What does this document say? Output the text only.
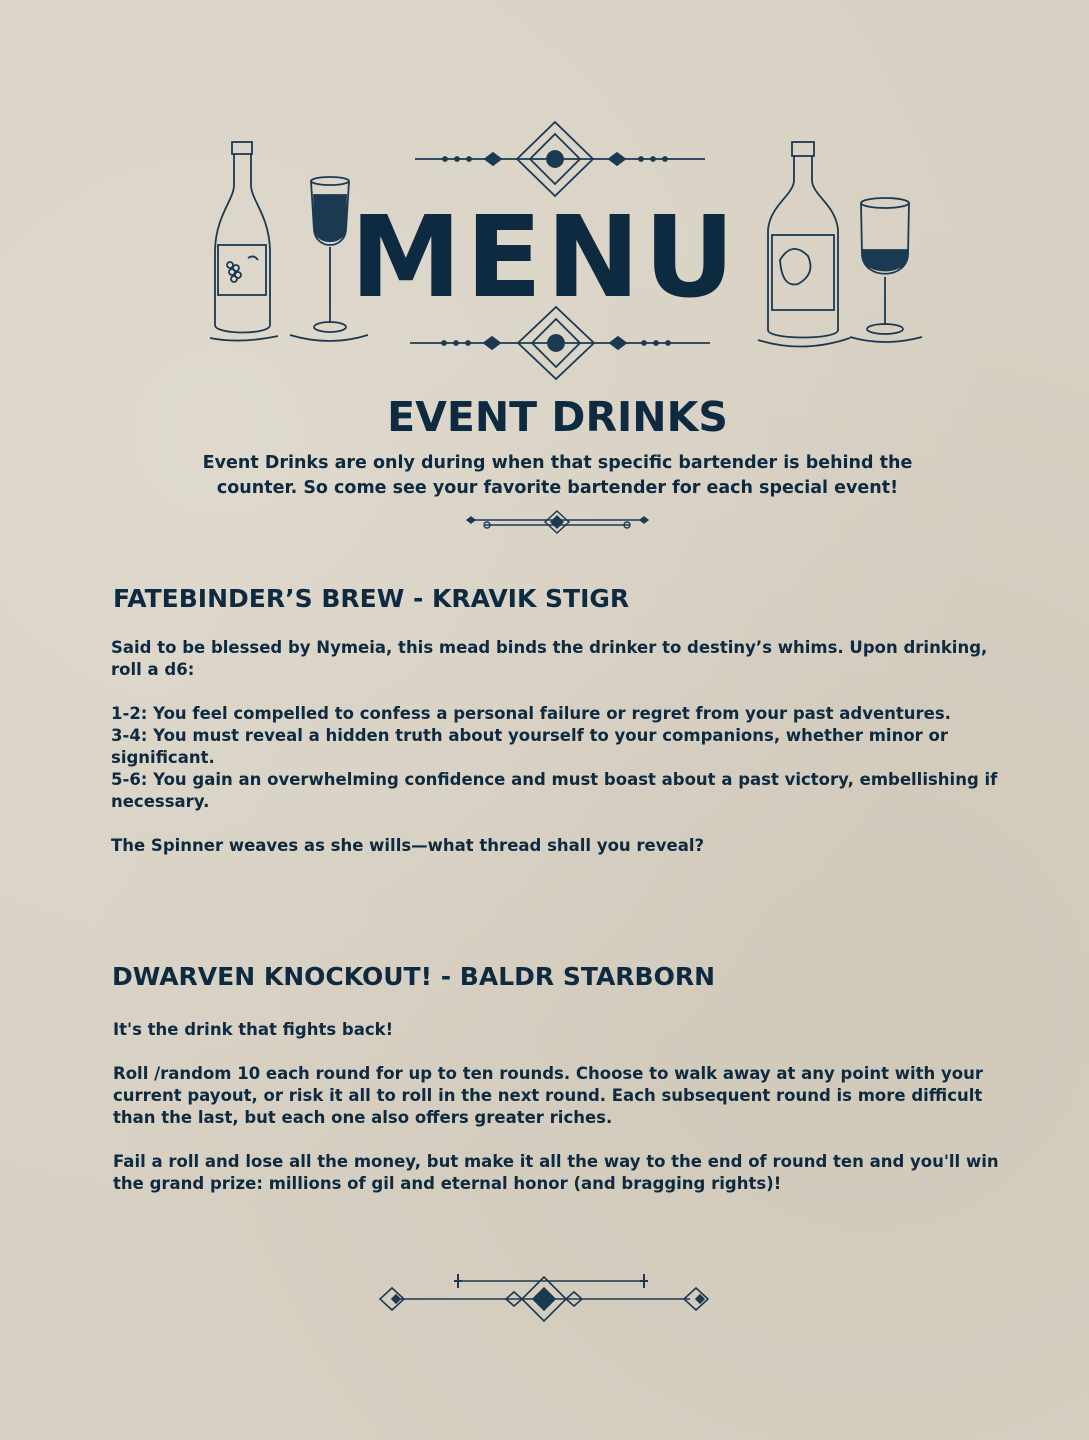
MENU
EVENT DRINKS
Event Drinks are only during when that specific bartender is behind the counter. So come see your favorite bartender for each special event!
FATEBINDER’S BREW - KRAVIK STIGR

Said to be blessed by Nymeia, this mead binds the drinker to destiny’s whims. Upon drinking, roll a d6:

1-2: You feel compelled to confess a personal failure or regret from your past adventures.
3-4: You must reveal a hidden truth about yourself to your companions, whether minor or significant.
5-6: You gain an overwhelming confidence and must boast about a past victory, embellishing if necessary.

The Spinner weaves as she wills—what thread shall you reveal?

DWARVEN KNOCKOUT! - BALDR STARBORN

It's the drink that fights back!

Roll /random 10 each round for up to ten rounds. Choose to walk away at any point with your current payout, or risk it all to roll in the next round. Each subsequent round is more difficult than the last, but each one also offers greater riches.

Fail a roll and lose all the money, but make it all the way to the end of round ten and you'll win the grand prize: millions of gil and eternal honor (and bragging rights)!
